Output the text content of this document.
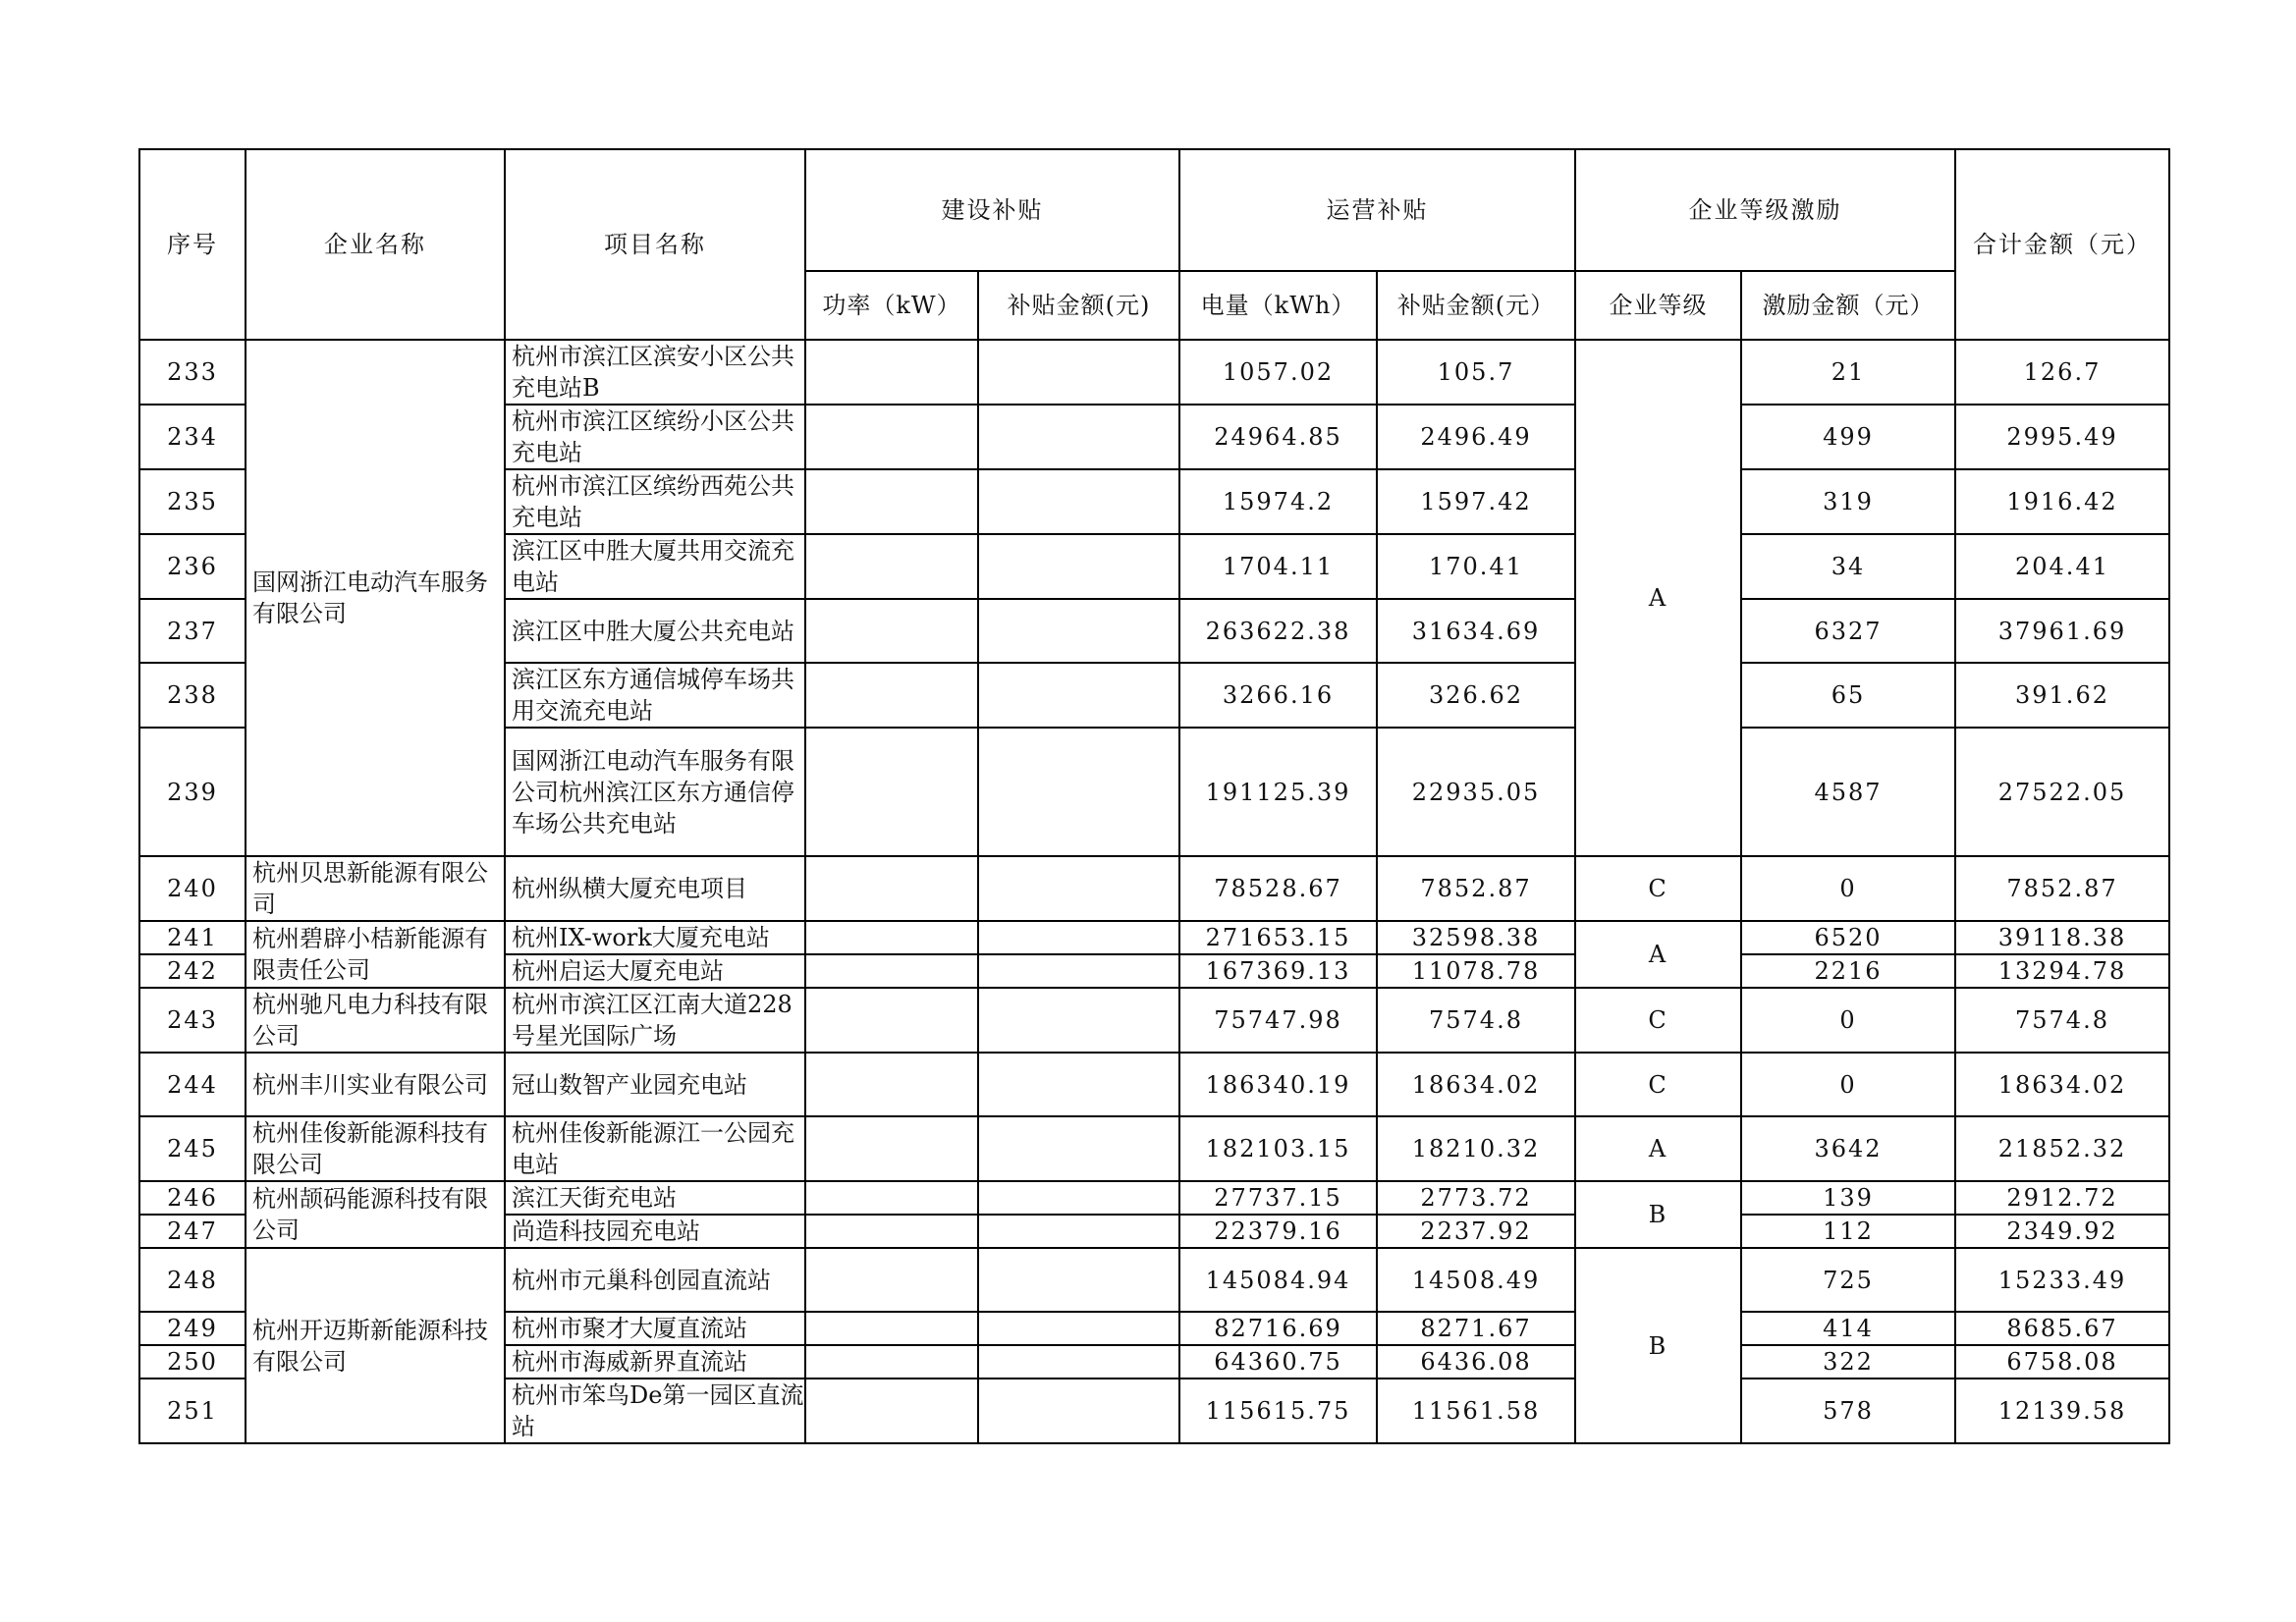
序号	企业名称	项目名称	建设补贴		运营补贴		企业等级激励		合计金额（元）
			功率（kW）	补贴金额(元)	电量（kWh）	补贴金额(元）	企业等级	激励金额（元）	
233	国网浙江电动汽车服务有限公司	杭州市滨江区滨安小区公共充电站B			1057.02	105.7	A	21	126.7
234		杭州市滨江区缤纷小区公共充电站			24964.85	2496.49		499	2995.49
235		杭州市滨江区缤纷西苑公共充电站			15974.2	1597.42		319	1916.42
236		滨江区中胜大厦共用交流充电站			1704.11	170.41		34	204.41
237		滨江区中胜大厦公共充电站			263622.38	31634.69		6327	37961.69
238		滨江区东方通信城停车场共用交流充电站			3266.16	326.62		65	391.62
239		国网浙江电动汽车服务有限公司杭州滨江区东方通信停车场公共充电站			191125.39	22935.05		4587	27522.05
240	杭州贝思新能源有限公司	杭州纵横大厦充电项目			78528.67	7852.87	C	0	7852.87
241	杭州碧辟小桔新能源有限责任公司	杭州IX-work大厦充电站			271653.15	32598.38	A	6520	39118.38
242		杭州启运大厦充电站			167369.13	11078.78		2216	13294.78
243	杭州驰凡电力科技有限公司	杭州市滨江区江南大道228号星光国际广场			75747.98	7574.8	C	0	7574.8
244	杭州丰川实业有限公司	冠山数智产业园充电站			186340.19	18634.02	C	0	18634.02
245	杭州佳俊新能源科技有限公司	杭州佳俊新能源江一公园充电站			182103.15	18210.32	A	3642	21852.32
246	杭州颉码能源科技有限公司	滨江天街充电站			27737.15	2773.72	B	139	2912.72
247		尚造科技园充电站			22379.16	2237.92		112	2349.92
248	杭州开迈斯新能源科技有限公司	杭州市元巢科创园直流站			145084.94	14508.49	B	725	15233.49
249		杭州市聚才大厦直流站			82716.69	8271.67		414	8685.67
250		杭州市海威新界直流站			64360.75	6436.08		322	6758.08
251		杭州市笨鸟De第一园区直流站			115615.75	11561.58		578	12139.58
